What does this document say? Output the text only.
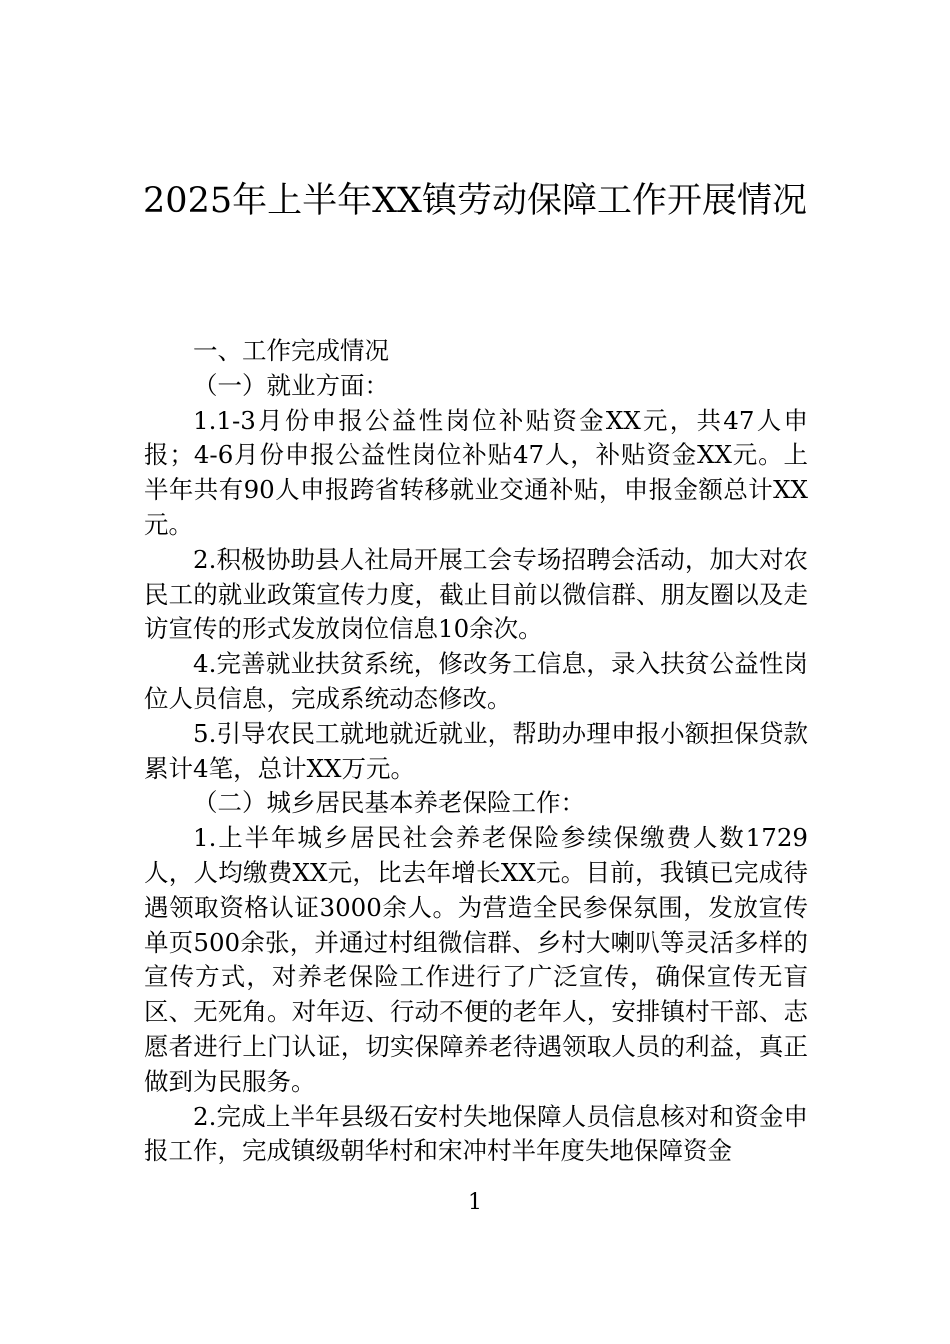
2025年上半年XX镇劳动保障工作开展情况

一、工作完成情况

（一）就业方面：

1.1-3月份申报公益性岗位补贴资金XX元，共47人申报；4-6月份申报公益性岗位补贴47人，补贴资金XX元。上半年共有90人申报跨省转移就业交通补贴，申报金额总计XX元。

2.积极协助县人社局开展工会专场招聘会活动，加大对农民工的就业政策宣传力度，截止目前以微信群、朋友圈以及走访宣传的形式发放岗位信息10余次。

4.完善就业扶贫系统，修改务工信息，录入扶贫公益性岗位人员信息，完成系统动态修改。

5.引导农民工就地就近就业，帮助办理申报小额担保贷款累计4笔，总计XX万元。

（二）城乡居民基本养老保险工作：

1.上半年城乡居民社会养老保险参续保缴费人数1729人，人均缴费XX元，比去年增长XX元。目前，我镇已完成待遇领取资格认证3000余人。为营造全民参保氛围，发放宣传单页500余张，并通过村组微信群、乡村大喇叭等灵活多样的宣传方式，对养老保险工作进行了广泛宣传，确保宣传无盲区、无死角。对年迈、行动不便的老年人，安排镇村干部、志愿者进行上门认证，切实保障养老待遇领取人员的利益，真正做到为民服务。

2.完成上半年县级石安村失地保障人员信息核对和资金申报工作，完成镇级朝华村和宋冲村半年度失地保障资金

1
